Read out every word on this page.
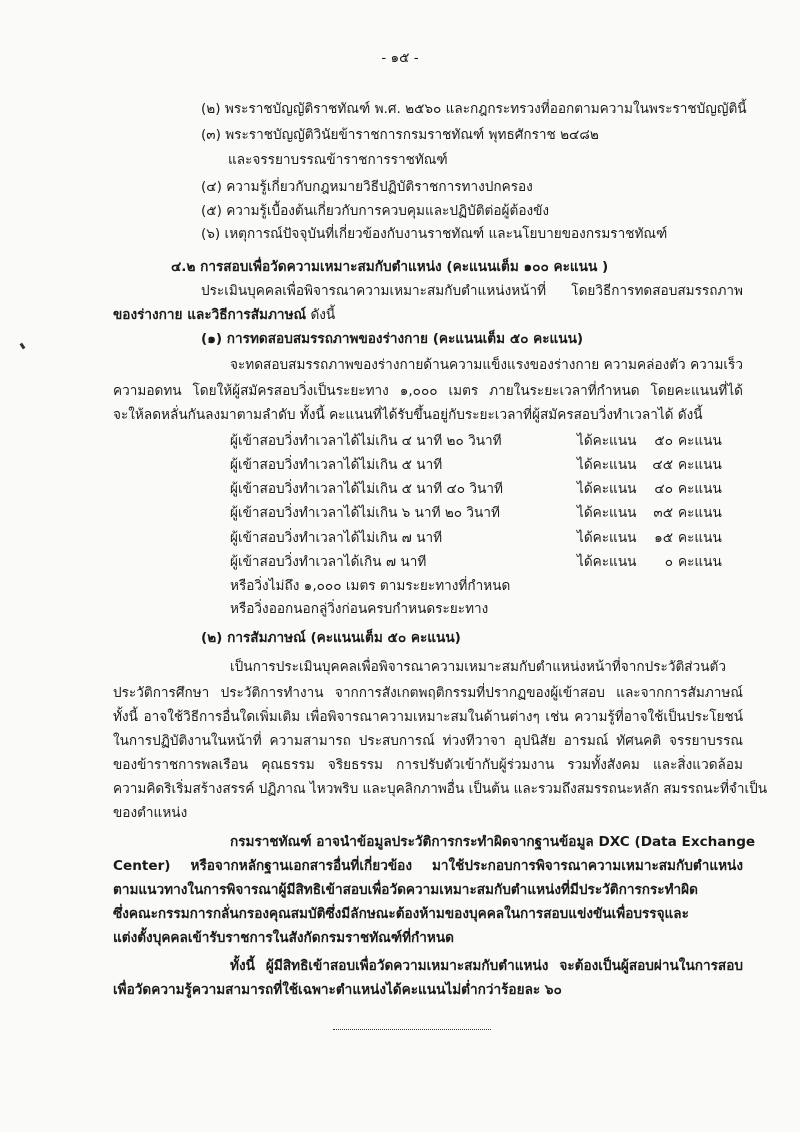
- ๑๕ -
(๒) พระราชบัญญัติราชทัณฑ์ พ.ศ. ๒๕๖๐ และกฎกระทรวงที่ออกตามความในพระราชบัญญัตินี้
(๓) พระราชบัญญัติวินัยข้าราชการกรมราชทัณฑ์ พุทธศักราช ๒๔๘๒
และจรรยาบรรณข้าราชการราชทัณฑ์
(๔) ความรู้เกี่ยวกับกฎหมายวิธีปฏิบัติราชการทางปกครอง
(๕) ความรู้เบื้องต้นเกี่ยวกับการควบคุมและปฏิบัติต่อผู้ต้องขัง
(๖) เหตุการณ์ปัจจุบันที่เกี่ยวข้องกับงานราชทัณฑ์ และนโยบายของกรมราชทัณฑ์
๔.๒ การสอบเพื่อวัดความเหมาะสมกับตำแหน่ง (คะแนนเต็ม ๑๐๐ คะแนน )
ประเมินบุคคลเพื่อพิจารณาความเหมาะสมกับตำแหน่งหน้าที่ โดยวิธีการทดสอบสมรรถภาพ
ของร่างกาย และวิธีการสัมภาษณ์ ดังนี้
(๑) การทดสอบสมรรถภาพของร่างกาย (คะแนนเต็ม ๕๐ คะแนน)
จะทดสอบสมรรถภาพของร่างกายด้านความแข็งแรงของร่างกาย ความคล่องตัว ความเร็ว
ความอดทน โดยให้ผู้สมัครสอบวิ่งเป็นระยะทาง ๑,๐๐๐ เมตร ภายในระยะเวลาที่กำหนด โดยคะแนนที่ได้
จะให้ลดหลั่นกันลงมาตามลำดับ ทั้งนี้ คะแนนที่ได้รับขึ้นอยู่กับระยะเวลาที่ผู้สมัครสอบวิ่งทำเวลาได้ ดังนี้
ผู้เข้าสอบวิ่งทำเวลาได้ไม่เกิน ๔ นาที ๒๐ วินาที	ได้คะแนน	๕๐ คะแนน
ผู้เข้าสอบวิ่งทำเวลาได้ไม่เกิน ๕ นาที	ได้คะแนน	๔๕ คะแนน
ผู้เข้าสอบวิ่งทำเวลาได้ไม่เกิน ๕ นาที ๔๐ วินาที	ได้คะแนน	๔๐ คะแนน
ผู้เข้าสอบวิ่งทำเวลาได้ไม่เกิน ๖ นาที ๒๐ วินาที	ได้คะแนน	๓๕ คะแนน
ผู้เข้าสอบวิ่งทำเวลาได้ไม่เกิน ๗ นาที	ได้คะแนน	๑๕ คะแนน
ผู้เข้าสอบวิ่งทำเวลาได้เกิน ๗ นาที	ได้คะแนน	๐ คะแนน
หรือวิ่งไม่ถึง ๑,๐๐๐ เมตร ตามระยะทางที่กำหนด
หรือวิ่งออกนอกลู่วิ่งก่อนครบกำหนดระยะทาง
(๒) การสัมภาษณ์ (คะแนนเต็ม ๕๐ คะแนน)
เป็นการประเมินบุคคลเพื่อพิจารณาความเหมาะสมกับตำแหน่งหน้าที่จากประวัติส่วนตัว
ประวัติการศึกษา ประวัติการทำงาน จากการสังเกตพฤติกรรมที่ปรากฏของผู้เข้าสอบ และจากการสัมภาษณ์
ทั้งนี้ อาจใช้วิธีการอื่นใดเพิ่มเติม เพื่อพิจารณาความเหมาะสมในด้านต่างๆ เช่น ความรู้ที่อาจใช้เป็นประโยชน์
ในการปฏิบัติงานในหน้าที่ ความสามารถ ประสบการณ์ ท่วงทีวาจา อุปนิสัย อารมณ์ ทัศนคติ จรรยาบรรณ
ของข้าราชการพลเรือน คุณธรรม จริยธรรม การปรับตัวเข้ากับผู้ร่วมงาน รวมทั้งสังคม และสิ่งแวดล้อม
ความคิดริเริ่มสร้างสรรค์ ปฏิภาณ ไหวพริบ และบุคลิกภาพอื่น เป็นต้น และรวมถึงสมรรถนะหลัก สมรรถนะที่จำเป็น
ของตำแหน่ง
กรมราชทัณฑ์ อาจนำข้อมูลประวัติการกระทำผิดจากฐานข้อมูล DXC (Data Exchange
Center) หรือจากหลักฐานเอกสารอื่นที่เกี่ยวข้อง มาใช้ประกอบการพิจารณาความเหมาะสมกับตำแหน่ง
ตามแนวทางในการพิจารณาผู้มีสิทธิเข้าสอบเพื่อวัดความเหมาะสมกับตำแหน่งที่มีประวัติการกระทำผิด
ซึ่งคณะกรรมการกลั่นกรองคุณสมบัติซึ่งมีลักษณะต้องห้ามของบุคคลในการสอบแข่งขันเพื่อบรรจุและ
แต่งตั้งบุคคลเข้ารับราชการในสังกัดกรมราชทัณฑ์ที่กำหนด
ทั้งนี้ ผู้มีสิทธิเข้าสอบเพื่อวัดความเหมาะสมกับตำแหน่ง จะต้องเป็นผู้สอบผ่านในการสอบ
เพื่อวัดความรู้ความสามารถที่ใช้เฉพาะตำแหน่งได้คะแนนไม่ต่ำกว่าร้อยละ ๖๐
